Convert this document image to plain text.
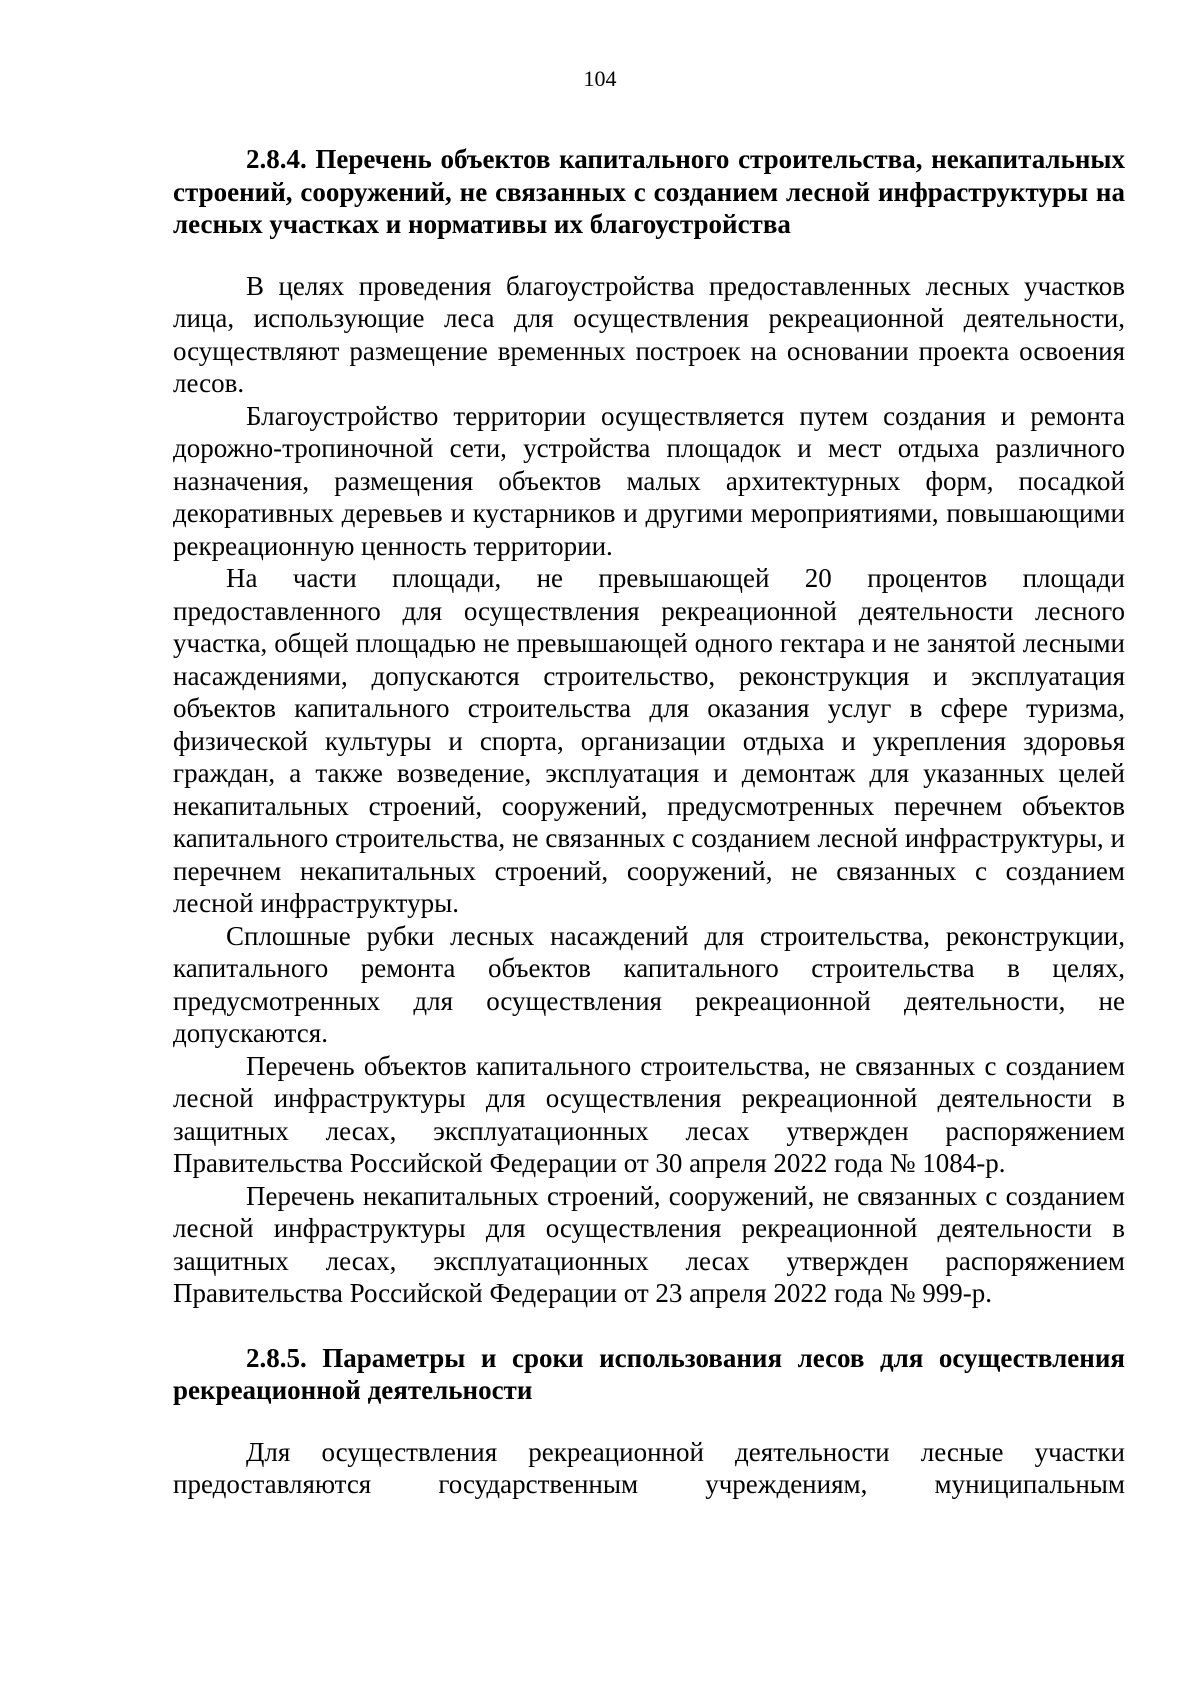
104

2.8.4. Перечень объектов капитального строительства, некапитальных строений, сооружений, не связанных с созданием лесной инфраструктуры на лесных участках и нормативы их благоустройства

В целях проведения благоустройства предоставленных лесных участков лица, использующие леса для осуществления рекреационной деятельности, осуществляют размещение временных построек на основании проекта освоения лесов.

Благоустройство территории осуществляется путем создания и ремонта дорожно-тропиночной сети, устройства площадок и мест отдыха различного назначения, размещения объектов малых архитектурных форм, посадкой декоративных деревьев и кустарников и другими мероприятиями, повышающими рекреационную ценность территории.

На части площади, не превышающей 20 процентов площади предоставленного для осуществления рекреационной деятельности лесного участка, общей площадью не превышающей одного гектара и не занятой лесными насаждениями, допускаются строительство, реконструкция и эксплуатация объектов капитального строительства для оказания услуг в сфере туризма, физической культуры и спорта, организации отдыха и укрепления здоровья граждан, а также возведение, эксплуатация и демонтаж для указанных целей некапитальных строений, сооружений, предусмотренных перечнем объектов капитального строительства, не связанных с созданием лесной инфраструктуры, и перечнем некапитальных строений, сооружений, не связанных с созданием лесной инфраструктуры.

Сплошные рубки лесных насаждений для строительства, реконструкции, капитального ремонта объектов капитального строительства в целях, предусмотренных для осуществления рекреационной деятельности, не допускаются.

Перечень объектов капитального строительства, не связанных с созданием лесной инфраструктуры для осуществления рекреационной деятельности в защитных лесах, эксплуатационных лесах утвержден распоряжением Правительства Российской Федерации от 30 апреля 2022 года № 1084-р.

Перечень некапитальных строений, сооружений, не связанных с созданием лесной инфраструктуры для осуществления рекреационной деятельности в защитных лесах, эксплуатационных лесах утвержден распоряжением Правительства Российской Федерации от 23 апреля 2022 года № 999-р.

2.8.5. Параметры и сроки использования лесов для осуществления рекреационной деятельности

Для осуществления рекреационной деятельности лесные участки предоставляются государственным учреждениям, муниципальным
